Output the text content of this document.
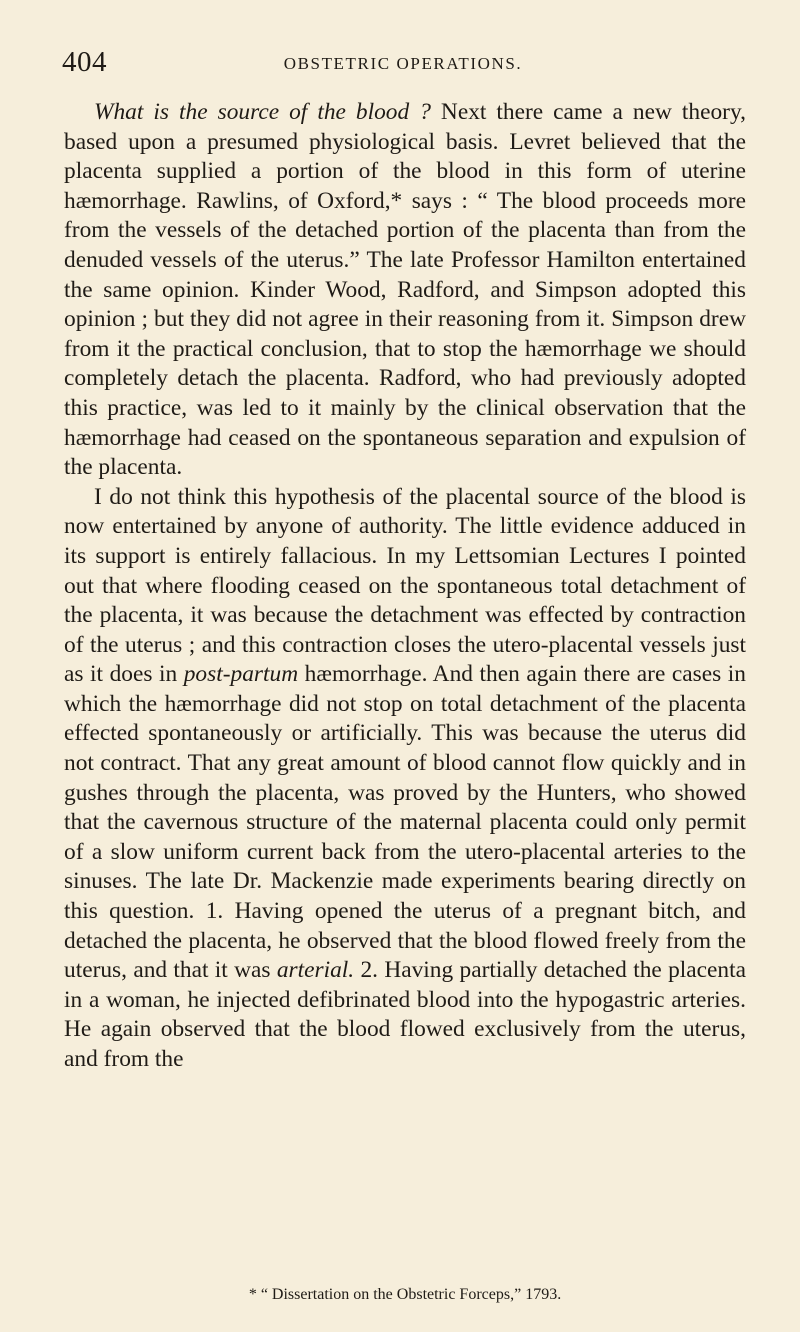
404	OBSTETRIC OPERATIONS.

What is the source of the blood ? Next there came a new theory, based upon a presumed physiological basis. Levret believed that the placenta supplied a portion of the blood in this form of uterine hæmorrhage. Rawlins, of Oxford,* says : “ The blood proceeds more from the vessels of the detached portion of the placenta than from the denuded vessels of the uterus.” The late Professor Hamilton entertained the same opinion. Kinder Wood, Radford, and Simpson adopted this opinion ; but they did not agree in their reasoning from it. Simpson drew from it the practical conclusion, that to stop the hæmorrhage we should completely detach the placenta. Radford, who had previously adopted this practice, was led to it mainly by the clinical observation that the hæmorrhage had ceased on the spontaneous separation and expulsion of the placenta.

I do not think this hypothesis of the placental source of the blood is now entertained by anyone of authority. The little evidence adduced in its support is entirely fallacious. In my Lettsomian Lectures I pointed out that where flooding ceased on the spontaneous total detachment of the placenta, it was because the detachment was effected by contraction of the uterus ; and this contraction closes the utero-placental vessels just as it does in post-partum hæmorrhage. And then again there are cases in which the hæmorrhage did not stop on total detachment of the placenta effected spontaneously or artificially. This was because the uterus did not contract. That any great amount of blood cannot flow quickly and in gushes through the placenta, was proved by the Hunters, who showed that the cavernous structure of the maternal placenta could only permit of a slow uniform current back from the utero-placental arteries to the sinuses. The late Dr. Mackenzie made experiments bearing directly on this question. 1. Having opened the uterus of a pregnant bitch, and detached the placenta, he observed that the blood flowed freely from the uterus, and that it was arterial. 2. Having partially detached the placenta in a woman, he injected defibrinated blood into the hypogastric arteries. He again observed that the blood flowed exclusively from the uterus, and from the

* “ Dissertation on the Obstetric Forceps,” 1793.
